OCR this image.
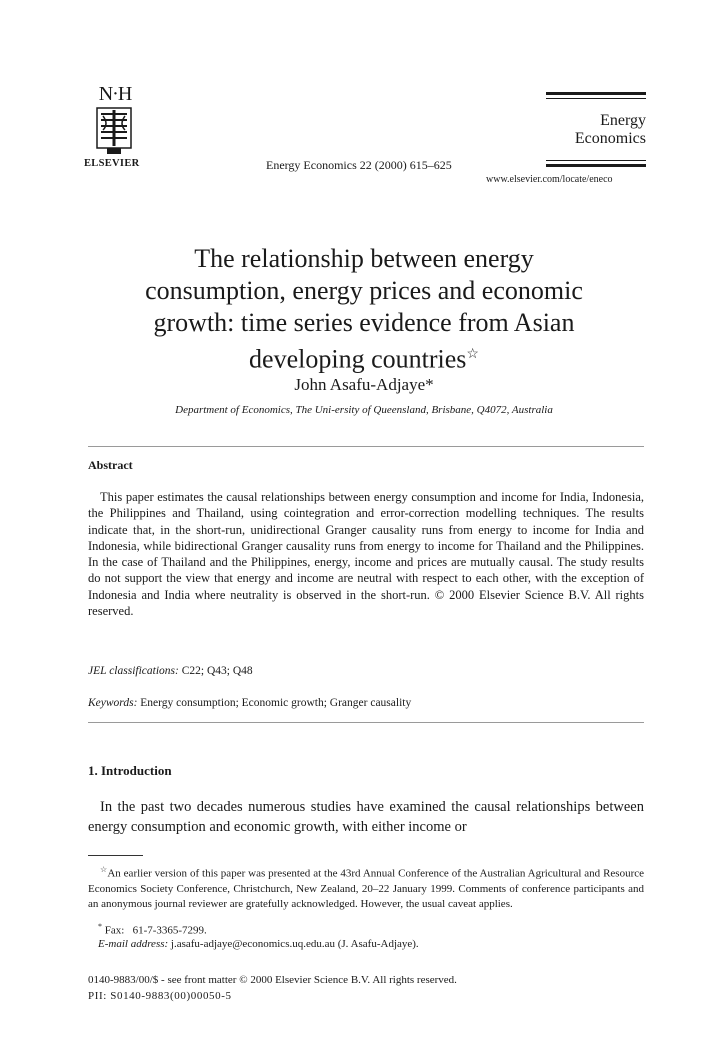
N·H
ELSEVIER	Energy Economics 22 (2000) 615–625
Energy
Economics
www.elsevier.com/locate/eneco
The relationship between energy
consumption, energy prices and economic
growth: time series evidence from Asian
developing countries☆
John Asafu-Adjaye*
Department of Economics, The Uni-ersity of Queensland, Brisbane, Q4072, Australia
Abstract
This paper estimates the causal relationships between energy consumption and income for India, Indonesia, the Philippines and Thailand, using cointegration and error-correction modelling techniques. The results indicate that, in the short-run, unidirectional Granger causality runs from energy to income for India and Indonesia, while bidirectional Granger causality runs from energy to income for Thailand and the Philippines. In the case of Thailand and the Philippines, energy, income and prices are mutually causal. The study results do not support the view that energy and income are neutral with respect to each other, with the exception of Indonesia and India where neutrality is observed in the short-run. © 2000 Elsevier Science B.V. All rights reserved.
JEL classifications: C22; Q43; Q48
Keywords: Energy consumption; Economic growth; Granger causality
1. Introduction
In the past two decades numerous studies have examined the causal relationships between energy consumption and economic growth, with either income or
☆An earlier version of this paper was presented at the 43rd Annual Conference of the Australian Agricultural and Resource Economics Society Conference, Christchurch, New Zealand, 20–22 January 1999. Comments of conference participants and an anonymous journal reviewer are gratefully acknowledged. However, the usual caveat applies.
* Fax: 61-7-3365-7299.
E-mail address: j.asafu-adjaye@economics.uq.edu.au (J. Asafu-Adjaye).
0140-9883/00/$ - see front matter © 2000 Elsevier Science B.V. All rights reserved.
PII: S0140-9883(00)00050-5
